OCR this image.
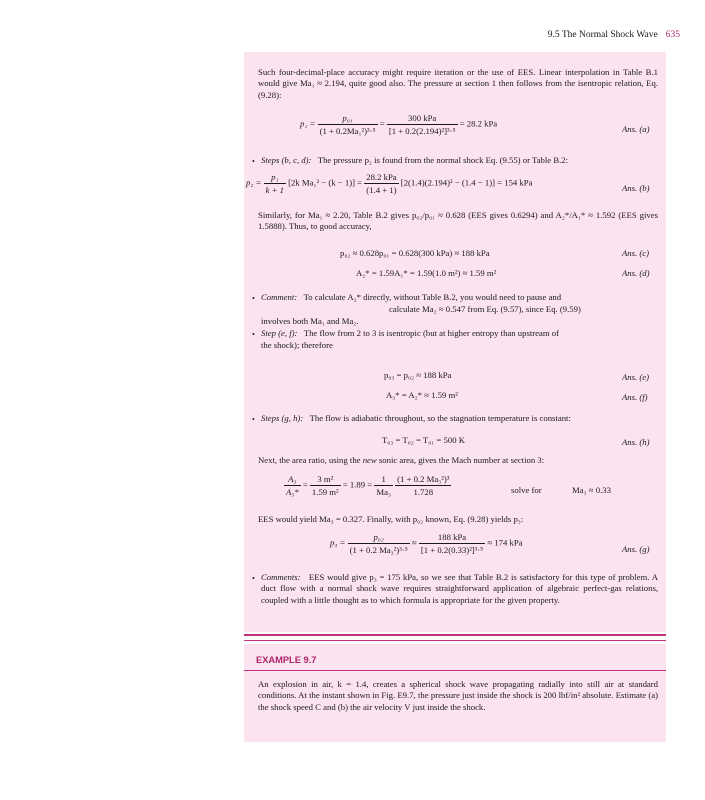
9.5 The Normal Shock Wave 635
Such four-decimal-place accuracy might require iteration or the use of EES. Linear interpolation in Table B.1 would give Ma₁ ≈ 2.194, quite good also. The pressure at section 1 then follows from the isentropic relation, Eq. (9.28):
$p_1 = \frac{\text{p₀₁}}{\text{(1 + 0.2Ma₁²)³·⁵}} = \frac{\text{300 kPa}}{\text{[1 + 0.2(2.194)²]³·⁵}} = 28.2$ kPa
Ans. (a)
• Steps (b, c, d): The pressure p₂ is found from the normal shock Eq. (9.55) or Table B.2:
$p_2 = \frac{\text{p₁}}{k + 1} [2k$ $Ma_1^2 - (k - 1)] = \frac{\text{28.2 kPa}}{(1.4 + 1)} [2(1.4)(2.194)^2 - (1.4 - 1)] = 154$ kPa
Ans. (b)
Similarly, for Ma₁ ≈ 2.20, Table B.2 gives p₀₂/p₀₁ ≈ 0.628 (EES gives 0.6294) and A₂*/A₁* ≈ 1.592 (EES gives 1.5888). Thus, to good accuracy,
p₀₂ ≈ 0.628p₀₁ = 0.628(300 kPa) ≈ 188 kPa	Ans. (c)
A₂* = 1.59A₁* = 1.59(1.0 m²) ≈ 1.59 m²	Ans. (d)
• Comment: To calculate A₂* directly, without Table B.2, you would need to pause and
calculate Ma₂ ≈ 0.547 from Eq. (9.57), since Eq. (9.59)
involves both Ma₁ and Ma₂.
• Step (e, f): The flow from 2 to 3 is isentropic (but at higher entropy than upstream of
the shock); therefore
p₀₃ = p₀₂ ≈ 188 kPa	Ans. (e)
A₃* = A₂* ≈ 1.59 m²	Ans. (f)
• Steps (g, h): The flow is adiabatic throughout, so the stagnation temperature is constant:
T₀₃ = T₀₂ = T₀₁ = 500 K	Ans. (h)
Next, the area ratio, using the new sonic area, gives the Mach number at section 3:
$\frac{\text{A₃}}{\text{A₃*}} = \frac{\text{3 m²}}{\text{1.59 m²}} = 1.89 = \frac{1}{\text{Ma₃}}$
$\frac{\text{(1 + 0.2 Ma₃²)³}}{1.728}$	solve for	Ma₃ ≈ 0.33
EES would yield Ma₃ = 0.327. Finally, with p₀₂ known, Eq. (9.28) yields p₃:
$p_3 = \frac{\text{p₀₂}}{\text{(1 + 0.2 Ma₃²)³·⁵}} \approx \frac{\text{188 kPa}}{\text{[1 + 0.2(0.33)²]³·⁵}} \approx 174$ kPa
Ans. (g)
• Comments: EES would give p₃ = 175 kPa, so we see that Table B.2 is satisfactory for this type of problem. A duct flow with a normal shock wave requires straightforward application of algebraic perfect-gas relations, coupled with a little thought as to which formula is appropriate for the given property.
EXAMPLE 9.7
An explosion in air, k = 1.4, creates a spherical shock wave propagating radially into still air at standard conditions. At the instant shown in Fig. E9.7, the pressure just inside the shock is 200 lbf/in² absolute. Estimate (a) the shock speed C and (b) the air velocity V just inside the shock.
